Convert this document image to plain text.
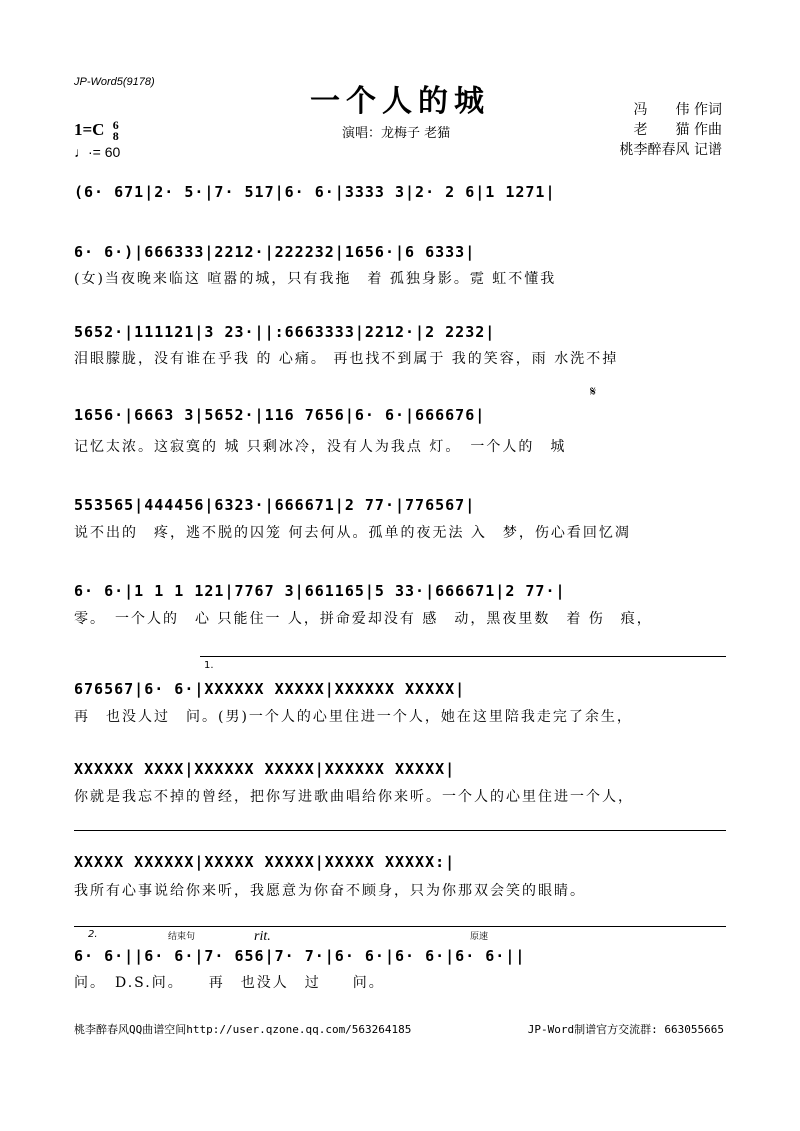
JP-Word5(9178)
一个人的城
1=C 6
8
♩·= 60
演唱：龙梅子 老猫
冯　　伟 作词
老　　猫 作曲
桃李醉春风 记谱
(6· 671|2· 5·|7· 517|6· 6·|3333 3|2· 2 6|1 1271|
6· 6·)|666333|2212·|222232|1656·|6 6333|
(女)当夜晚来临这 喧嚣的城，只有我拖　着 孤独身影。霓 虹不懂我
5652·|111121|3 23·||:6663333|2212·|2 2232|
泪眼朦胧，没有谁在乎我 的 心痛。 再也找不到属于 我的笑容，雨 水洗不掉
𝄋
1656·|6663 3|5652·|116 7656|6· 6·|666676|
记忆太浓。这寂寞的 城 只剩冰冷，没有人为我点 灯。　一个人的　城
553565|444456|6323·|666671|2 77·|776567|
说不出的　疼，逃不脱的囚笼 何去何从。孤单的夜无法 入　梦，伤心看回忆凋
6· 6·|1 1 1 121|7767 3|661165|5 33·|666671|2 77·|
零。　一个人的　心 只能住一 人，拼命爱却没有 感　动，黑夜里数　着 伤　痕，
1.
676567|6· 6·|XXXXXX XXXXX|XXXXXX XXXXX|
再　也没人过　问。(男)一个人的心里住进一个人，她在这里陪我走完了余生，
XXXXXX XXXX|XXXXXX XXXXX|XXXXXX XXXXX|
你就是我忘不掉的曾经，把你写进歌曲唱给你来听。一个人的心里住进一个人，
XXXXX XXXXXX|XXXXX XXXXX|XXXXX XXXXX:|
我所有心事说给你来听，我愿意为你奋不顾身，只为你那双会笑的眼睛。
2.	结束句	rit.	原速
6· 6·||6· 6·|7· 656|7· 7·|6· 6·|6· 6·|6· 6·||
问。　D.S.问。　　再　也没人　过　　问。
桃李醉春风QQ曲谱空间http://user.qzone.qq.com/563264185	JP-Word制谱官方交流群: 663055665
